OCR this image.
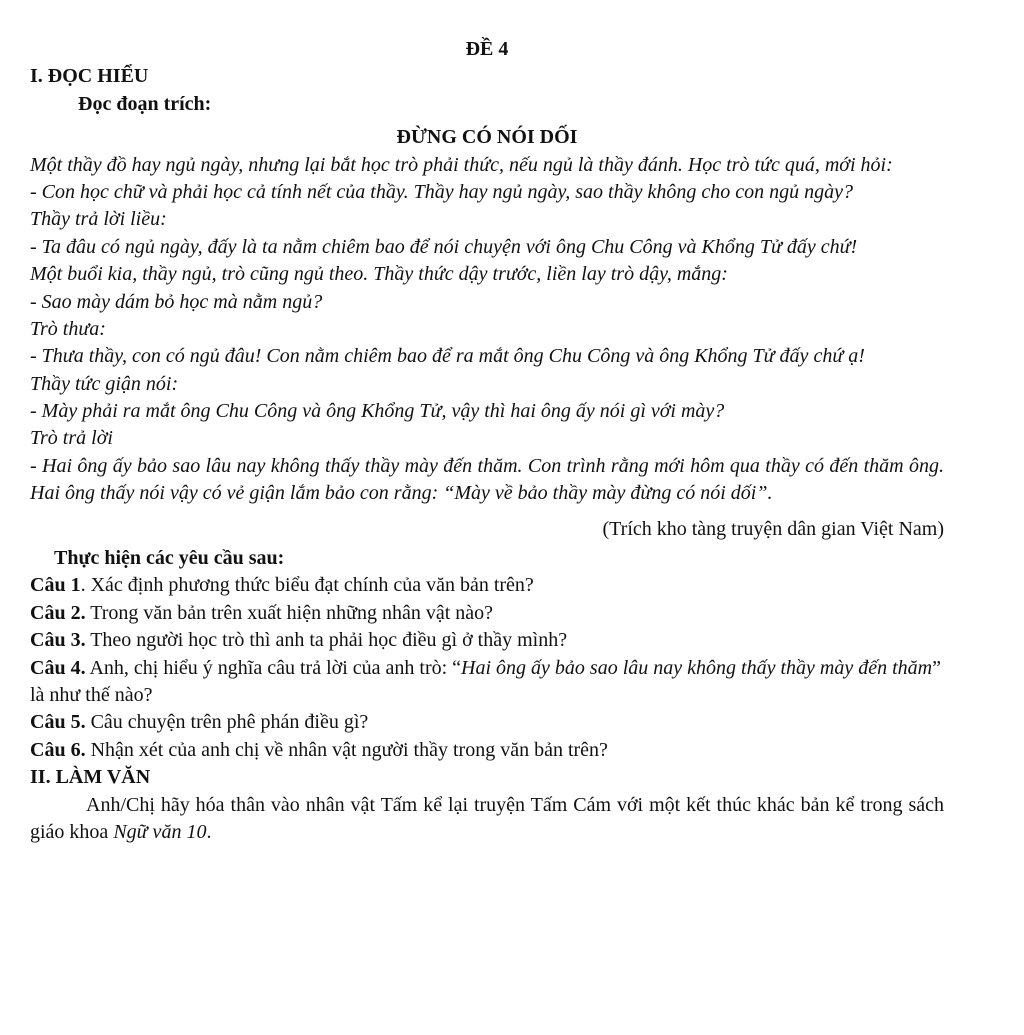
ĐỀ 4
I. ĐỌC HIỂU
Đọc đoạn trích:
ĐỪNG CÓ NÓI DỐI

Một thầy đồ hay ngủ ngày, nhưng lại bắt học trò phải thức, nếu ngủ là thầy đánh. Học trò tức quá, mới hỏi:

- Con học chữ và phải học cả tính nết của thầy. Thầy hay ngủ ngày, sao thầy không cho con ngủ ngày?

Thầy trả lời liều:

- Ta đâu có ngủ ngày, đấy là ta nằm chiêm bao để nói chuyện với ông Chu Công và Khổng Tử đấy chứ!

Một buổi kia, thầy ngủ, trò cũng ngủ theo. Thầy thức dậy trước, liền lay trò dậy, mắng:

- Sao mày dám bỏ học mà nằm ngủ?

Trò thưa:

- Thưa thầy, con có ngủ đâu! Con nằm chiêm bao để ra mắt ông Chu Công và ông Khổng Tử đấy chứ ạ!

Thầy tức giận nói:

- Mày phải ra mắt ông Chu Công và ông Khổng Tử, vậy thì hai ông ấy nói gì với mày?

Trò trả lời

- Hai ông ấy bảo sao lâu nay không thấy thầy mày đến thăm. Con trình rằng mới hôm qua thầy có đến thăm ông. Hai ông thấy nói vậy có vẻ giận lắm bảo con rằng: “Mày về bảo thầy mày đừng có nói dối”.

(Trích kho tàng truyện dân gian Việt Nam)
Thực hiện các yêu cầu sau:
Câu 1. Xác định phương thức biểu đạt chính của văn bản trên?
Câu 2. Trong văn bản trên xuất hiện những nhân vật nào?
Câu 3. Theo người học trò thì anh ta phải học điều gì ở thầy mình?
Câu 4. Anh, chị hiểu ý nghĩa câu trả lời của anh trò: “Hai ông ấy bảo sao lâu nay không thấy thầy mày đến thăm” là như thế nào?
Câu 5. Câu chuyện trên phê phán điều gì?
Câu 6. Nhận xét của anh chị về nhân vật người thầy trong văn bản trên?
II. LÀM VĂN

Anh/Chị hãy hóa thân vào nhân vật Tấm kể lại truyện Tấm Cám với một kết thúc khác bản kể trong sách giáo khoa Ngữ văn 10.
